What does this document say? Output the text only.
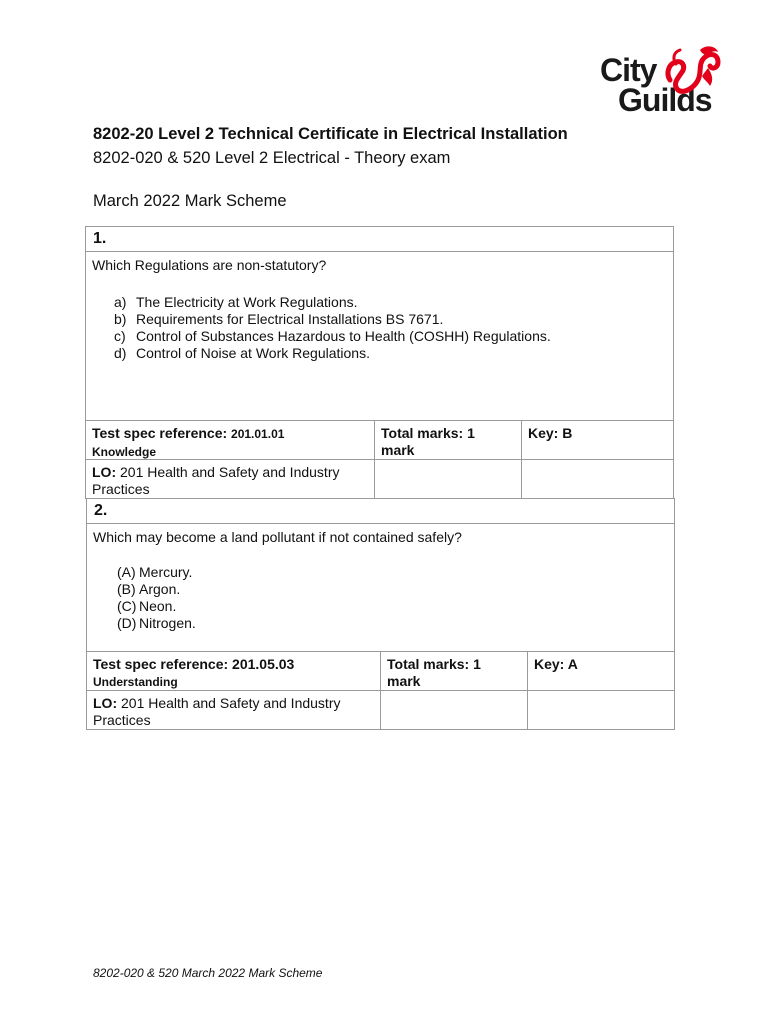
City
Guilds
8202-20 Level 2 Technical Certificate in Electrical Installation
8202-020 & 520 Level 2 Electrical - Theory exam
March 2022 Mark Scheme
1.
Which Regulations are non-statutory?
a) The Electricity at Work Regulations.
b) Requirements for Electrical Installations BS 7671.
c) Control of Substances Hazardous to Health (COSHH) Regulations.
d) Control of Noise at Work Regulations.
Test spec reference: 201.01.01
Knowledge
Total marks: 1
mark
Key: B
LO: 201 Health and Safety and Industry Practices
2.
Which may become a land pollutant if not contained safely?
(A) Mercury.
(B) Argon.
(C) Neon.
(D) Nitrogen.
Test spec reference: 201.05.03
Understanding
Total marks: 1
mark
Key: A
LO: 201 Health and Safety and Industry Practices
8202-020 & 520 March 2022 Mark Scheme
